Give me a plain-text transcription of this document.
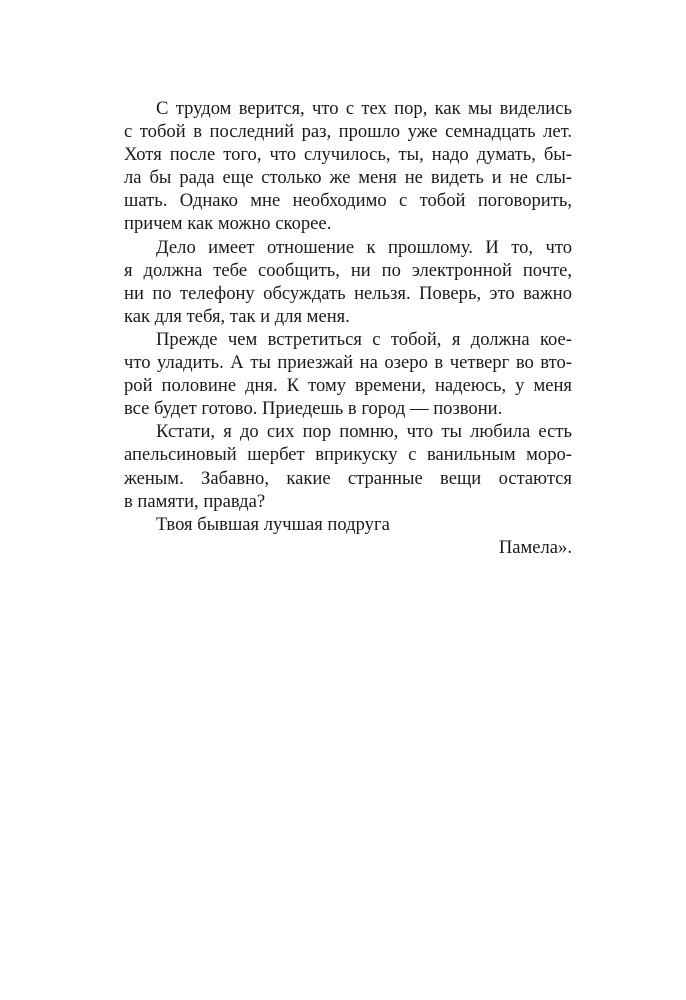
С трудом верится, что с тех пор, как мы виделись
с тобой в последний раз, прошло уже семнадцать лет.
Хотя после того, что случилось, ты, надо думать, бы-
ла бы рада еще столько же меня не видеть и не слы-
шать. Однако мне необходимо с тобой поговорить,
причем как можно скорее.
Дело имеет отношение к прошлому. И то, что
я должна тебе сообщить, ни по электронной почте,
ни по телефону обсуждать нельзя. Поверь, это важно
как для тебя, так и для меня.
Прежде чем встретиться с тобой, я должна кое-
что уладить. А ты приезжай на озеро в четверг во вто-
рой половине дня. К тому времени, надеюсь, у меня
все будет готово. Приедешь в город — позвони.
Кстати, я до сих пор помню, что ты любила есть
апельсиновый шербет вприкуску с ванильным моро-
женым. Забавно, какие странные вещи остаются
в памяти, правда?
Твоя бывшая лучшая подруга
Памела».
